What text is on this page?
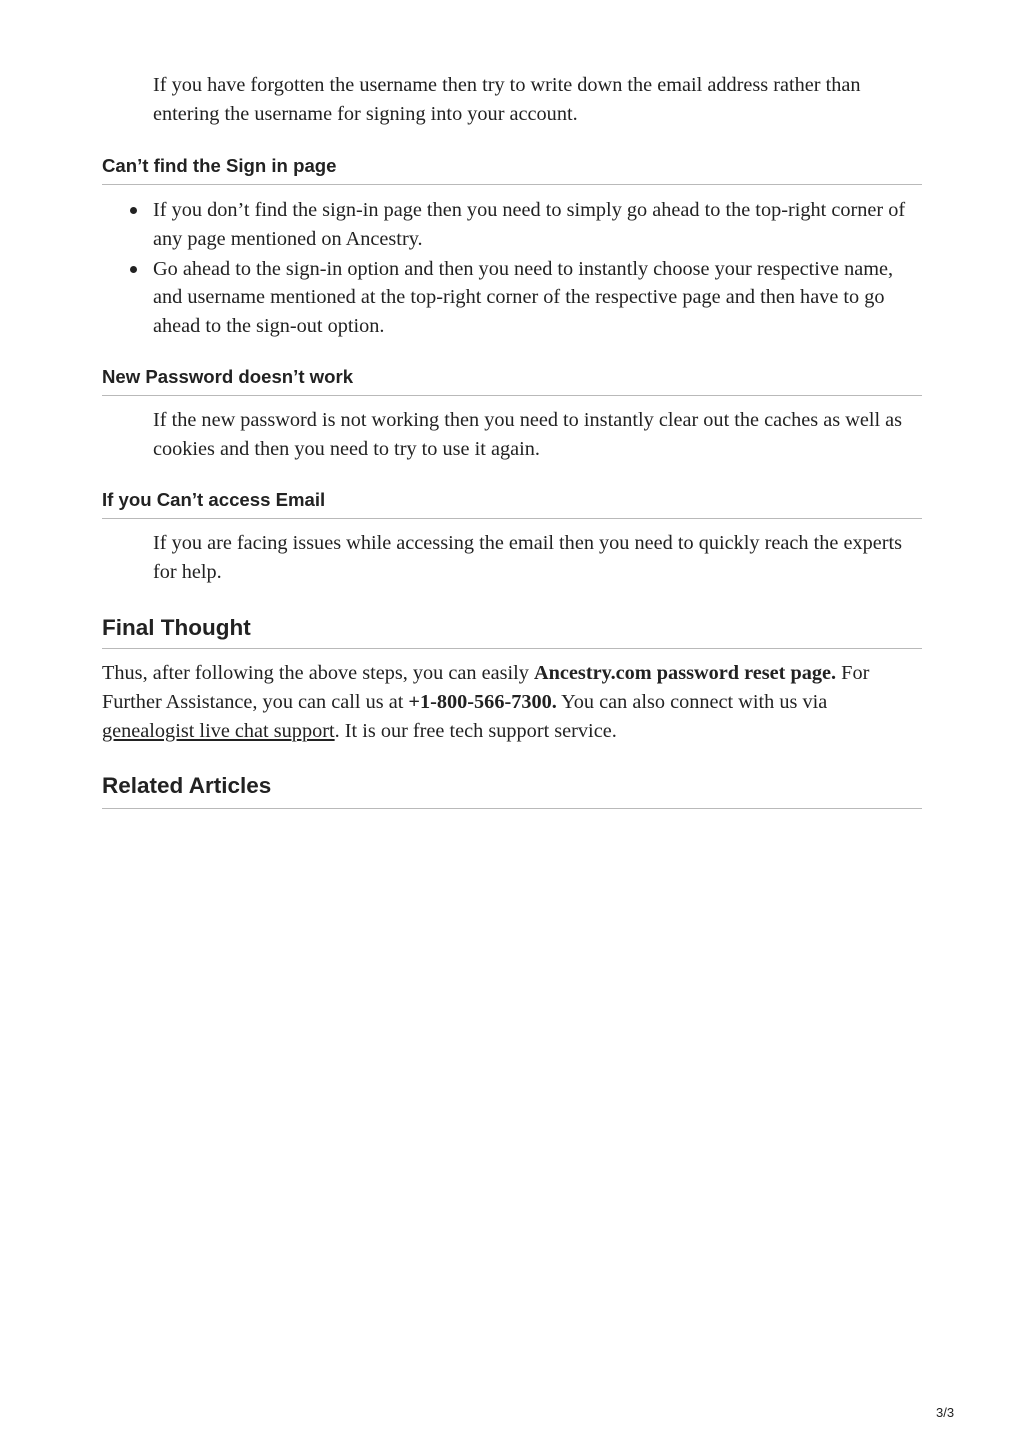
If you have forgotten the username then try to write down the email address rather than entering the username for signing into your account.

Can’t find the Sign in page
If you don’t find the sign-in page then you need to simply go ahead to the top-right corner of any page mentioned on Ancestry.
Go ahead to the sign-in option and then you need to instantly choose your respective name, and username mentioned at the top-right corner of the respective page and then have to go ahead to the sign-out option.
New Password doesn’t work

If the new password is not working then you need to instantly clear out the caches as well as cookies and then you need to try to use it again.

If you Can’t access Email

If you are facing issues while accessing the email then you need to quickly reach the experts for help.

Final Thought

Thus, after following the above steps, you can easily Ancestry.com password reset page. For Further Assistance, you can call us at +1-800-566-7300. You can also connect with us via genealogist live chat support. It is our free tech support service.

Related Articles
3/3
